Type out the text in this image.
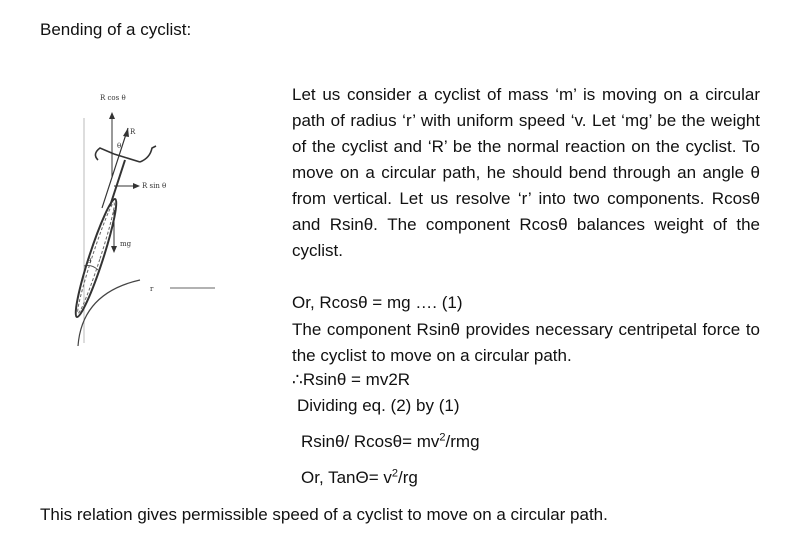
Bending of a cyclist:
R cos θ
R
θ
R sin θ
mg
θ
r

Let us consider a cyclist of mass ‘m’ is moving on a circular path of radius ‘r’ with uniform speed ‘v. Let ‘mg’ be the weight of the cyclist and ‘R’ be the normal reaction on the cyclist. To move on a circular path, he should bend through an angle θ from vertical. Let us resolve ‘r’ into two components. Rcosθ and Rsinθ. The component Rcosθ balances weight of the cyclist.

Or, Rcosθ = mg …. (1)

The component Rsinθ provides necessary centripetal force to the cyclist to move on a circular path.

∴Rsinθ = mv2R

Dividing eq. (2) by (1)

Rsinθ/ $Rcos\theta= mv^2$/rmg

Or, $Tan\Theta= v^2/rg$

This relation gives permissible speed of a cyclist to move on a circular path.
